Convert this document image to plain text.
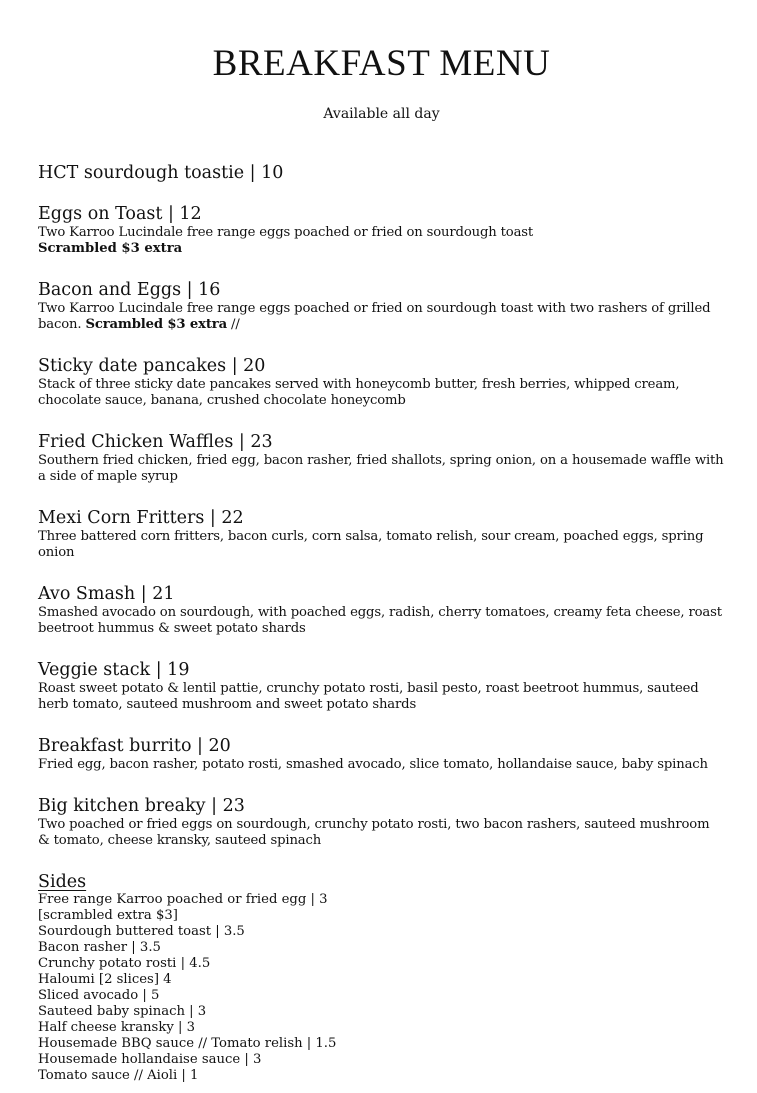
BREAKFAST MENU
Available all day
HCT sourdough toastie | 10
Eggs on Toast | 12
Two Karroo Lucindale free range eggs poached or fried on sourdough toast
Scrambled $3 extra
Bacon and Eggs | 16
Two Karroo Lucindale free range eggs poached or fried on sourdough toast with two rashers of grilled bacon. Scrambled $3 extra //
Sticky date pancakes | 20
Stack of three sticky date pancakes served with honeycomb butter, fresh berries, whipped cream, chocolate sauce, banana, crushed chocolate honeycomb
Fried Chicken Waffles | 23
Southern fried chicken, fried egg, bacon rasher, fried shallots, spring onion, on a housemade waffle with a side of maple syrup
Mexi Corn Fritters | 22
Three battered corn fritters, bacon curls, corn salsa, tomato relish, sour cream, poached eggs, spring onion
Avo Smash | 21
Smashed avocado on sourdough, with poached eggs, radish, cherry tomatoes, creamy feta cheese, roast beetroot hummus & sweet potato shards
Veggie stack | 19
Roast sweet potato & lentil pattie, crunchy potato rosti, basil pesto, roast beetroot hummus, sauteed herb tomato, sauteed mushroom and sweet potato shards
Breakfast burrito | 20
Fried egg, bacon rasher, potato rosti, smashed avocado, slice tomato, hollandaise sauce, baby spinach
Big kitchen breaky | 23
Two poached or fried eggs on sourdough, crunchy potato rosti, two bacon rashers, sauteed mushroom & tomato, cheese kransky, sauteed spinach
Sides
Free range Karroo poached or fried egg | 3
[scrambled extra $3]
Sourdough buttered toast | 3.5
Bacon rasher | 3.5
Crunchy potato rosti | 4.5
Haloumi [2 slices] 4
Sliced avocado | 5
Sauteed baby spinach | 3
Half cheese kransky | 3
Housemade BBQ sauce // Tomato relish | 1.5
Housemade hollandaise sauce | 3
Tomato sauce // Aioli | 1
